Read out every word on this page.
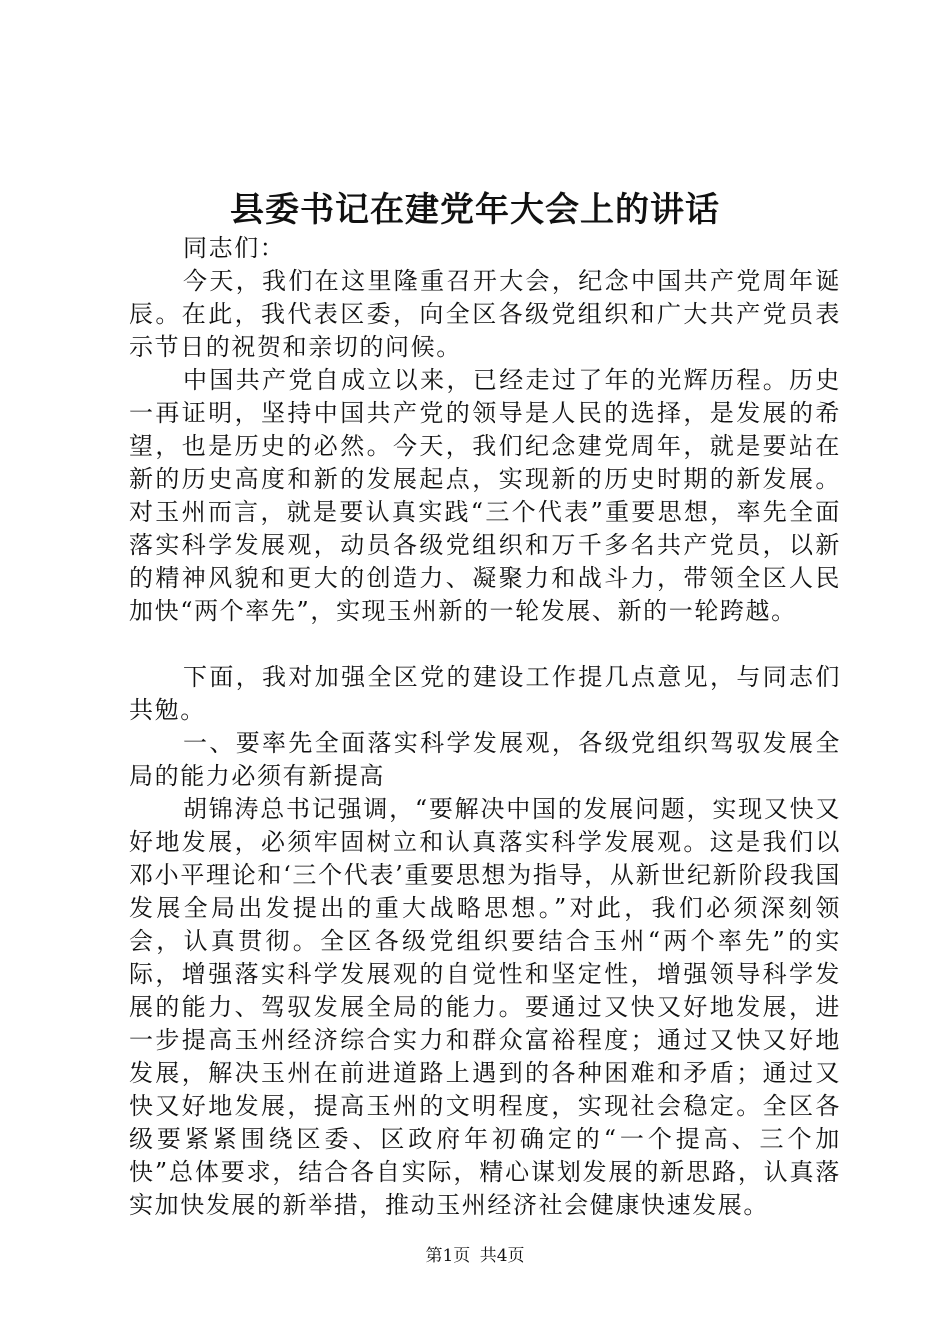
县委书记在建党年大会上的讲话

同志们：

今天，我们在这里隆重召开大会，纪念中国共产党周年诞辰。在此，我代表区委，向全区各级党组织和广大共产党员表示节日的祝贺和亲切的问候。

中国共产党自成立以来，已经走过了年的光辉历程。历史一再证明，坚持中国共产党的领导是人民的选择，是发展的希望，也是历史的必然。今天，我们纪念建党周年，就是要站在新的历史高度和新的发展起点，实现新的历史时期的新发展。对玉州而言，就是要认真实践“三个代表”重要思想，率先全面落实科学发展观，动员各级党组织和万千多名共产党员，以新的精神风貌和更大的创造力、凝聚力和战斗力，带领全区人民加快“两个率先”，实现玉州新的一轮发展、新的一轮跨越。

下面，我对加强全区党的建设工作提几点意见，与同志们共勉。

一、要率先全面落实科学发展观，各级党组织驾驭发展全局的能力必须有新提高

胡锦涛总书记强调，“要解决中国的发展问题，实现又快又好地发展，必须牢固树立和认真落实科学发展观。这是我们以邓小平理论和‘三个代表’重要思想为指导，从新世纪新阶段我国发展全局出发提出的重大战略思想。”对此，我们必须深刻领会，认真贯彻。全区各级党组织要结合玉州“两个率先”的实际，增强落实科学发展观的自觉性和坚定性，增强领导科学发展的能力、驾驭发展全局的能力。要通过又快又好地发展，进一步提高玉州经济综合实力和群众富裕程度；通过又快又好地发展，解决玉州在前进道路上遇到的各种困难和矛盾；通过又快又好地发展，提高玉州的文明程度，实现社会稳定。全区各级要紧紧围绕区委、区政府年初确定的“一个提高、三个加快”总体要求，结合各自实际，精心谋划发展的新思路，认真落实加快发展的新举措，推动玉州经济社会健康快速发展。

第1页 共4页
